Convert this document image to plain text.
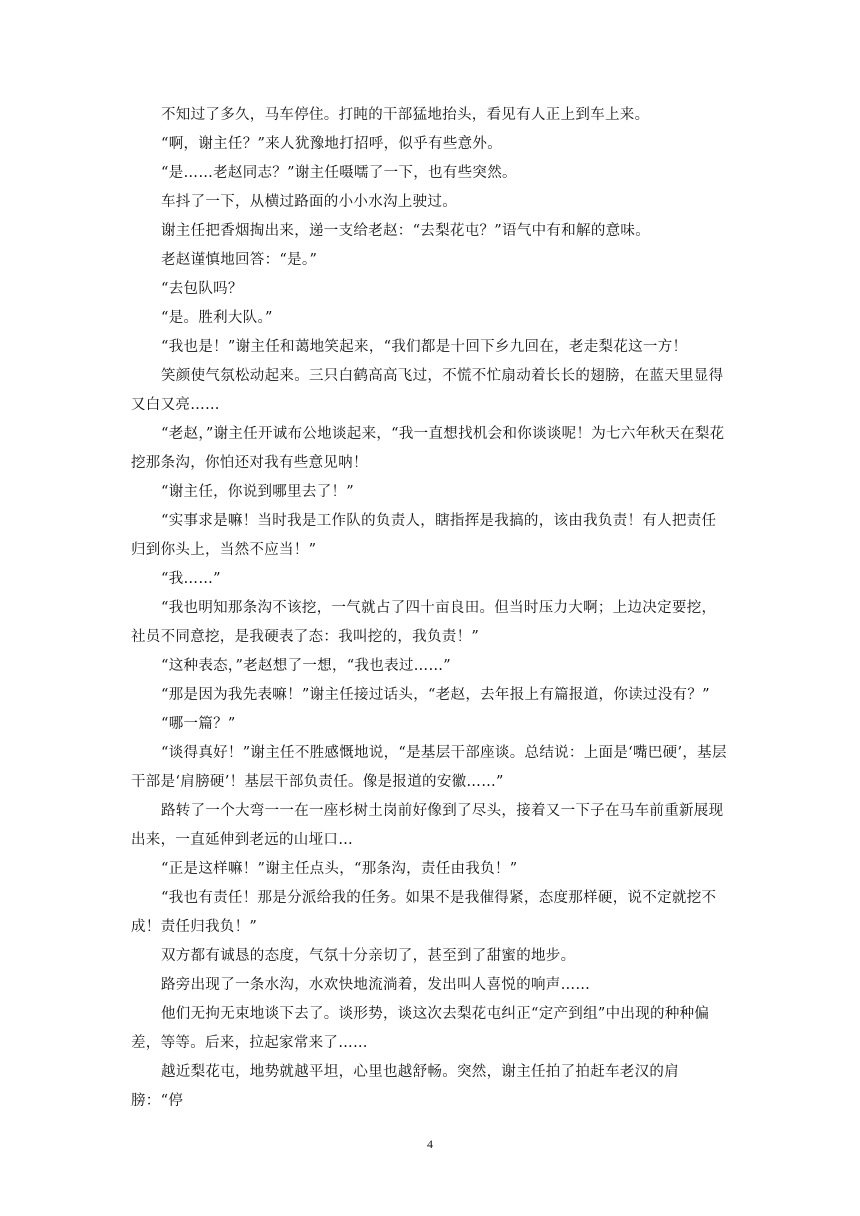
不知过了多久，马车停住。打盹的干部猛地抬头，看见有人正上到车上来。

“啊，谢主任？”来人犹豫地打招呼，似乎有些意外。

“是……老赵同志？”谢主任嗫嚅了一下，也有些突然。

车抖了一下，从横过路面的小小水沟上驶过。

谢主任把香烟掏出来，递一支给老赵：“去梨花屯？”语气中有和解的意味。

老赵谨慎地回答：“是。”

“去包队吗？

“是。胜利大队。”

“我也是！”谢主任和蔼地笑起来，“我们都是十回下乡九回在，老走梨花这一方！

笑颜使气氛松动起来。三只白鹤高高飞过，不慌不忙扇动着长长的翅膀，在蓝天里显得又白又亮……

“老赵，”谢主任开诚布公地谈起来，“我一直想找机会和你谈谈呢！为七六年秋天在梨花挖那条沟，你怕还对我有些意见呐！

“谢主任，你说到哪里去了！”

“实事求是嘛！当时我是工作队的负责人，瞎指挥是我搞的，该由我负责！有人把责任归到你头上，当然不应当！”

“我……”

“我也明知那条沟不该挖，一气就占了四十亩良田。但当时压力大啊；上边决定要挖，社员不同意挖，是我硬表了态：我叫挖的，我负责！”

“这种表态，”老赵想了一想，“我也表过……”

“那是因为我先表嘛！”谢主任接过话头，“老赵，去年报上有篇报道，你读过没有？”

“哪一篇？”

“谈得真好！”谢主任不胜感慨地说，“是基层干部座谈。总结说：上面是‘嘴巴硬’，基层干部是‘肩膀硬’！基层干部负责任。像是报道的安徽……”

路转了一个大弯一一在一座杉树土岗前好像到了尽头，接着又一下子在马车前重新展现出来，一直延伸到老远的山垭口…

“正是这样嘛！”谢主任点头，“那条沟，责任由我负！”

“我也有责任！那是分派给我的任务。如果不是我催得紧，态度那样硬，说不定就挖不成！责任归我负！”

双方都有诚恳的态度，气氛十分亲切了，甚至到了甜蜜的地步。

路旁出现了一条水沟，水欢快地流淌着，发出叫人喜悦的响声……

他们无拘无束地谈下去了。谈形势，谈这次去梨花屯纠正“定产到组”中出现的种种偏差，等等。后来，拉起家常来了……

越近梨花屯，地势就越平坦，心里也越舒畅。突然，谢主任拍了拍赶车老汉的肩膀：“停

4
